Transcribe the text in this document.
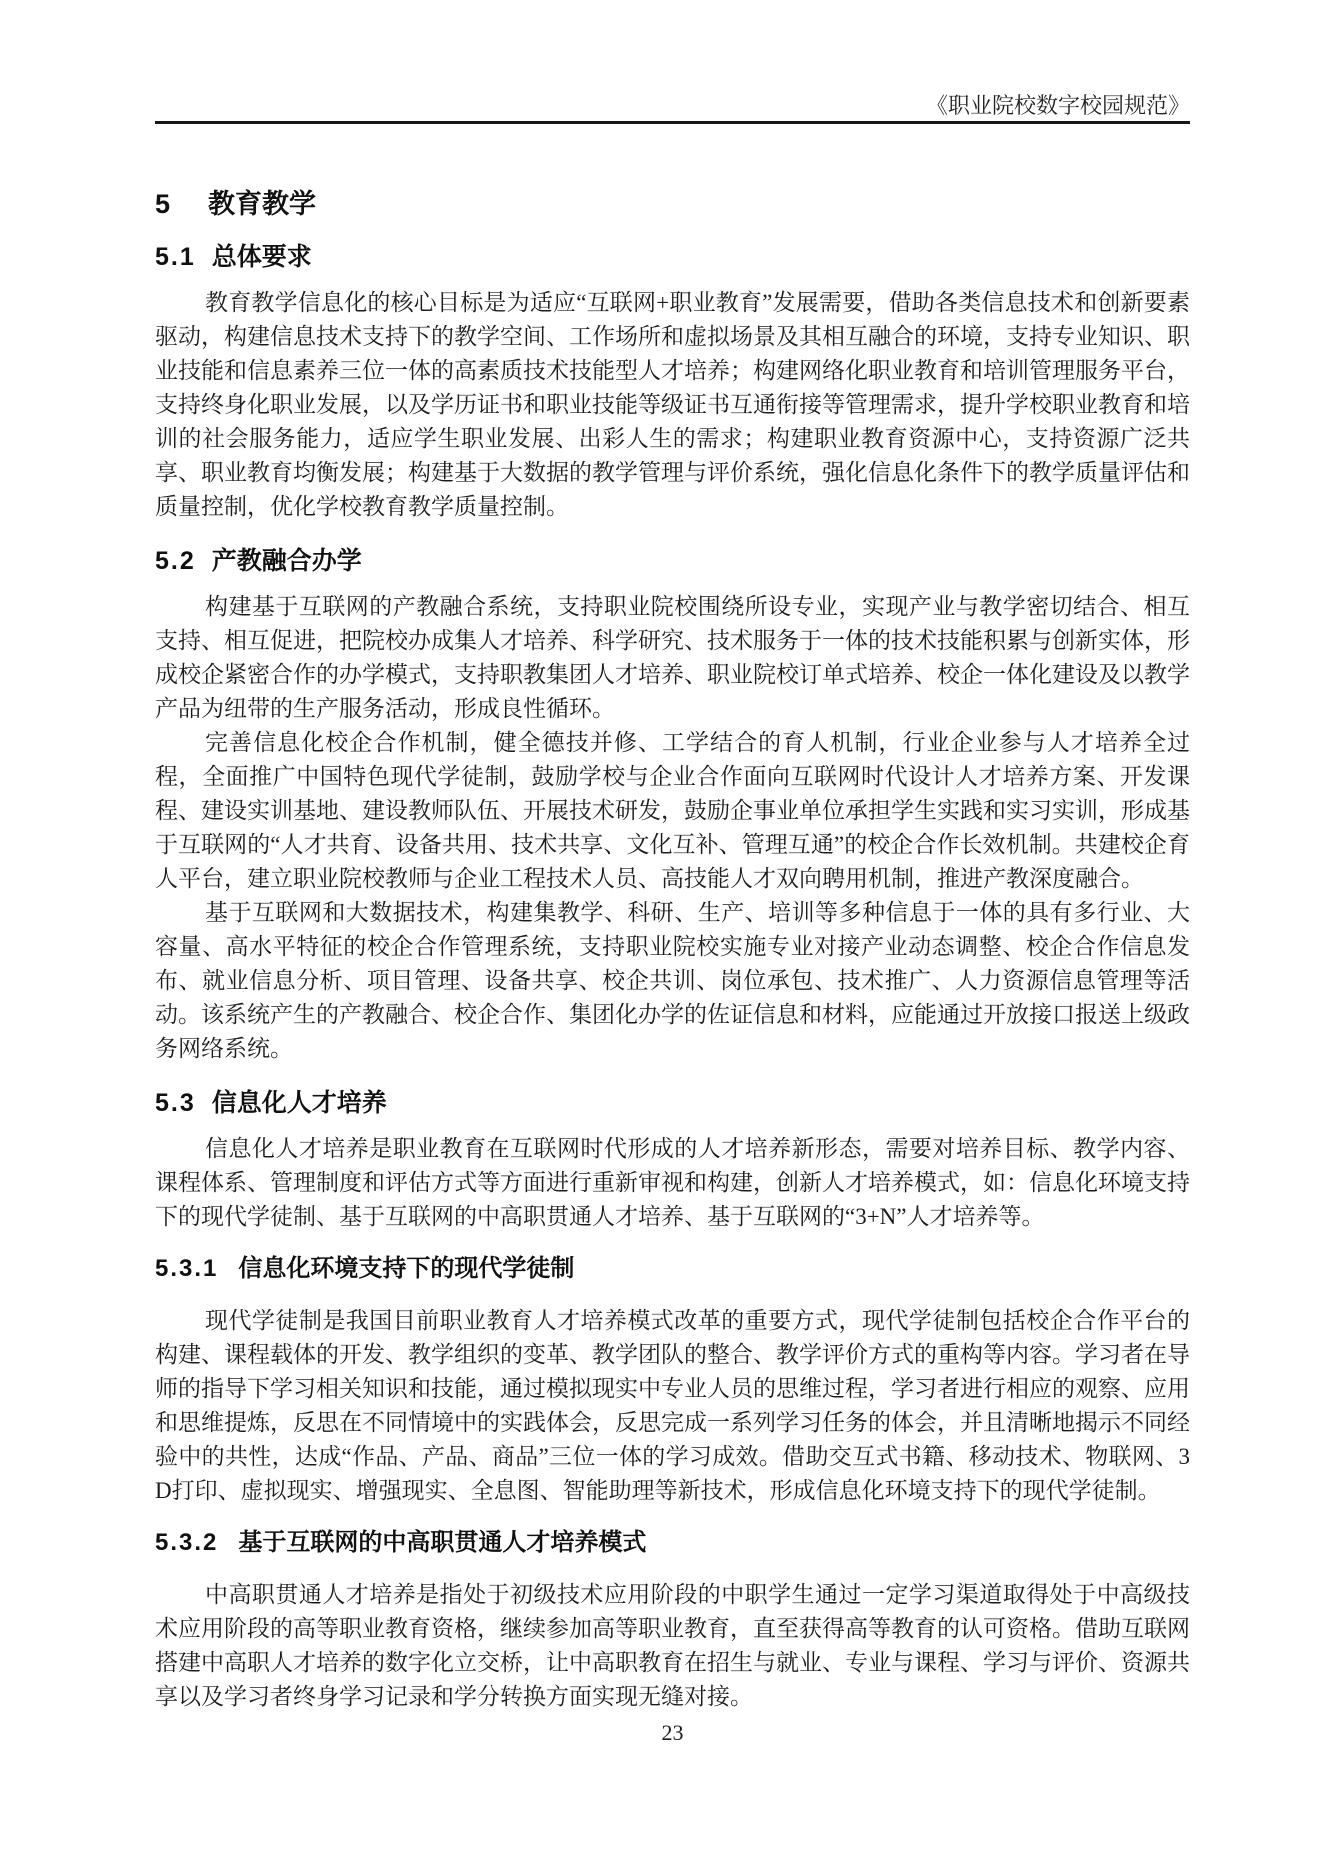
《职业院校数字校园规范》
5 教育教学
5.1 总体要求

教育教学信息化的核心目标是为适应“互联网+职业教育”发展需要，借助各类信息技术和创新要素驱动，构建信息技术支持下的教学空间、工作场所和虚拟场景及其相互融合的环境，支持专业知识、职业技能和信息素养三位一体的高素质技术技能型人才培养；构建网络化职业教育和培训管理服务平台，支持终身化职业发展，以及学历证书和职业技能等级证书互通衔接等管理需求，提升学校职业教育和培训的社会服务能力，适应学生职业发展、出彩人生的需求；构建职业教育资源中心，支持资源广泛共享、职业教育均衡发展；构建基于大数据的教学管理与评价系统，强化信息化条件下的教学质量评估和质量控制，优化学校教育教学质量控制。

5.2 产教融合办学

构建基于互联网的产教融合系统，支持职业院校围绕所设专业，实现产业与教学密切结合、相互支持、相互促进，把院校办成集人才培养、科学研究、技术服务于一体的技术技能积累与创新实体，形成校企紧密合作的办学模式，支持职教集团人才培养、职业院校订单式培养、校企一体化建设及以教学产品为纽带的生产服务活动，形成良性循环。

完善信息化校企合作机制，健全德技并修、工学结合的育人机制，行业企业参与人才培养全过程，全面推广中国特色现代学徒制，鼓励学校与企业合作面向互联网时代设计人才培养方案、开发课程、建设实训基地、建设教师队伍、开展技术研发，鼓励企事业单位承担学生实践和实习实训，形成基于互联网的“人才共育、设备共用、技术共享、文化互补、管理互通”的校企合作长效机制。共建校企育人平台，建立职业院校教师与企业工程技术人员、高技能人才双向聘用机制，推进产教深度融合。

基于互联网和大数据技术，构建集教学、科研、生产、培训等多种信息于一体的具有多行业、大容量、高水平特征的校企合作管理系统，支持职业院校实施专业对接产业动态调整、校企合作信息发布、就业信息分析、项目管理、设备共享、校企共训、岗位承包、技术推广、人力资源信息管理等活动。该系统产生的产教融合、校企合作、集团化办学的佐证信息和材料，应能通过开放接口报送上级政务网络系统。

5.3 信息化人才培养

信息化人才培养是职业教育在互联网时代形成的人才培养新形态，需要对培养目标、教学内容、课程体系、管理制度和评估方式等方面进行重新审视和构建，创新人才培养模式，如：信息化环境支持下的现代学徒制、基于互联网的中高职贯通人才培养、基于互联网的“3+N”人才培养等。

5.3.1 信息化环境支持下的现代学徒制

现代学徒制是我国目前职业教育人才培养模式改革的重要方式，现代学徒制包括校企合作平台的构建、课程载体的开发、教学组织的变革、教学团队的整合、教学评价方式的重构等内容。学习者在导师的指导下学习相关知识和技能，通过模拟现实中专业人员的思维过程，学习者进行相应的观察、应用和思维提炼，反思在不同情境中的实践体会，反思完成一系列学习任务的体会，并且清晰地揭示不同经验中的共性，达成“作品、产品、商品”三位一体的学习成效。借助交互式书籍、移动技术、物联网、3D打印、虚拟现实、增强现实、全息图、智能助理等新技术，形成信息化环境支持下的现代学徒制。

5.3.2 基于互联网的中高职贯通人才培养模式

中高职贯通人才培养是指处于初级技术应用阶段的中职学生通过一定学习渠道取得处于中高级技术应用阶段的高等职业教育资格，继续参加高等职业教育，直至获得高等教育的认可资格。借助互联网搭建中高职人才培养的数字化立交桥，让中高职教育在招生与就业、专业与课程、学习与评价、资源共享以及学习者终身学习记录和学分转换方面实现无缝对接。

23
